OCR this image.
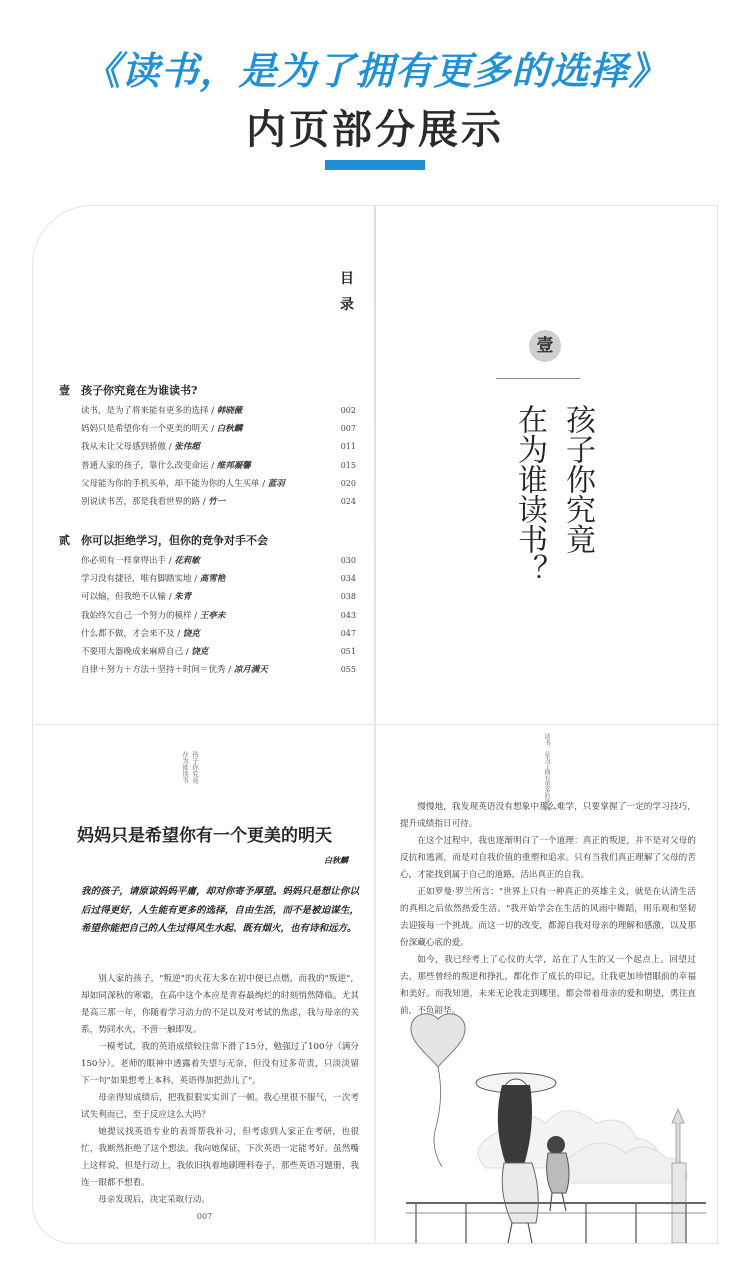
《读书，是为了拥有更多的选择》
内页部分展示
目录
壹 孩子你究竟在为谁读书?
读书，是为了将来能有更多的选择 / 韩晓薇	002
妈妈只是希望你有一个更美的明天 / 白秋麟	007
我从未让父母感到骄傲 / 张伟超	011
普通人家的孩子，靠什么改变命运 / 维邦凝馨	015
父母能为你的手机买单，却不能为你的人生买单 / 蓝羽	020
别说读书苦，那是我看世界的路 / 竹一	024
贰 你可以拒绝学习，但你的竞争对手不会
你必须有一样拿得出手 / 花莉敏	030
学习没有捷径，唯有脚踏实地 / 高雪艳	034
可以输，但我绝不认输 / 朱青	038
我始终欠自己一个努力的模样 / 王亭未	043
什么都不做，才会来不及 / 饶克	047
不要用大器晚成来麻痹自己 / 饶克	051
自律＋努力＋方法＋坚持＋时间＝优秀 / 凉月满天	055
壹
孩子你究竟
在为谁读书？
在为谁读书 孩子你究竟
妈妈只是希望你有一个更美的明天
白秋麟
我的孩子，请原谅妈妈平庸，却对你寄予厚望。妈妈只是想让你以后过得更好，人生能有更多的选择，自由生活，而不是被迫谋生，希望你能把自己的人生过得风生水起、既有烟火，也有诗和远方。

别人家的孩子，"叛逆"的火花大多在初中便已点燃，而我的"叛逆"，却如同深秋的寒霜，在高中这个本应是青春最绚烂的时刻悄然降临。尤其是高三那一年，你随着学习动力的不足以及对考试的焦虑，我与母亲的关系，势同水火，不啻一触即发。

一模考试，我的英语成绩较往常下滑了15分，勉强过了100分（满分150分）。老师的眼神中透露着失望与无奈，但没有过多苛责，只淡淡留下一句"如果想考上本科，英语得加把劲儿了"。

母亲得知成绩后，把我狠狠实实训了一顿。我心里很不服气，一次考试失利而已，至于反应这么大吗？

她提议找英语专业的表哥帮我补习，但考虑到人家正在考研，也很忙，我断然拒绝了这个想法。我向她保证，下次英语一定能考好。虽然嘴上这样说，但是行动上，我依旧执着地刷理科卷子，那些英语习题册，我连一眼都不想看。

母亲发现后，决定采取行动。

007
读书，是为了拥有更多的选择

慢慢地，我发现英语没有想象中那么难学，只要掌握了一定的学习技巧，提升成绩指日可待。

在这个过程中，我也逐渐明白了一个道理：真正的叛逆，并不是对父母的反抗和逃离，而是对自我价值的重塑和追求。只有当我们真正理解了父母的苦心，才能找到属于自己的道路，活出真正的自我。

正如罗曼·罗兰所言："世界上只有一种真正的英雄主义，就是在认清生活的真相之后依然热爱生活。"我开始学会在生活的风雨中舞蹈，用乐观和坚韧去迎接每一个挑战。而这一切的改变，都源自我对母亲的理解和感激，以及那份深藏心底的爱。

如今，我已经考上了心仪的大学，站在了人生的又一个起点上。回望过去，那些曾经的叛逆和挣扎，都化作了成长的印记，让我更加珍惜眼前的幸福和美好。而我知道，未来无论我走到哪里，都会带着母亲的爱和期望，勇往直前，不负韶华。
